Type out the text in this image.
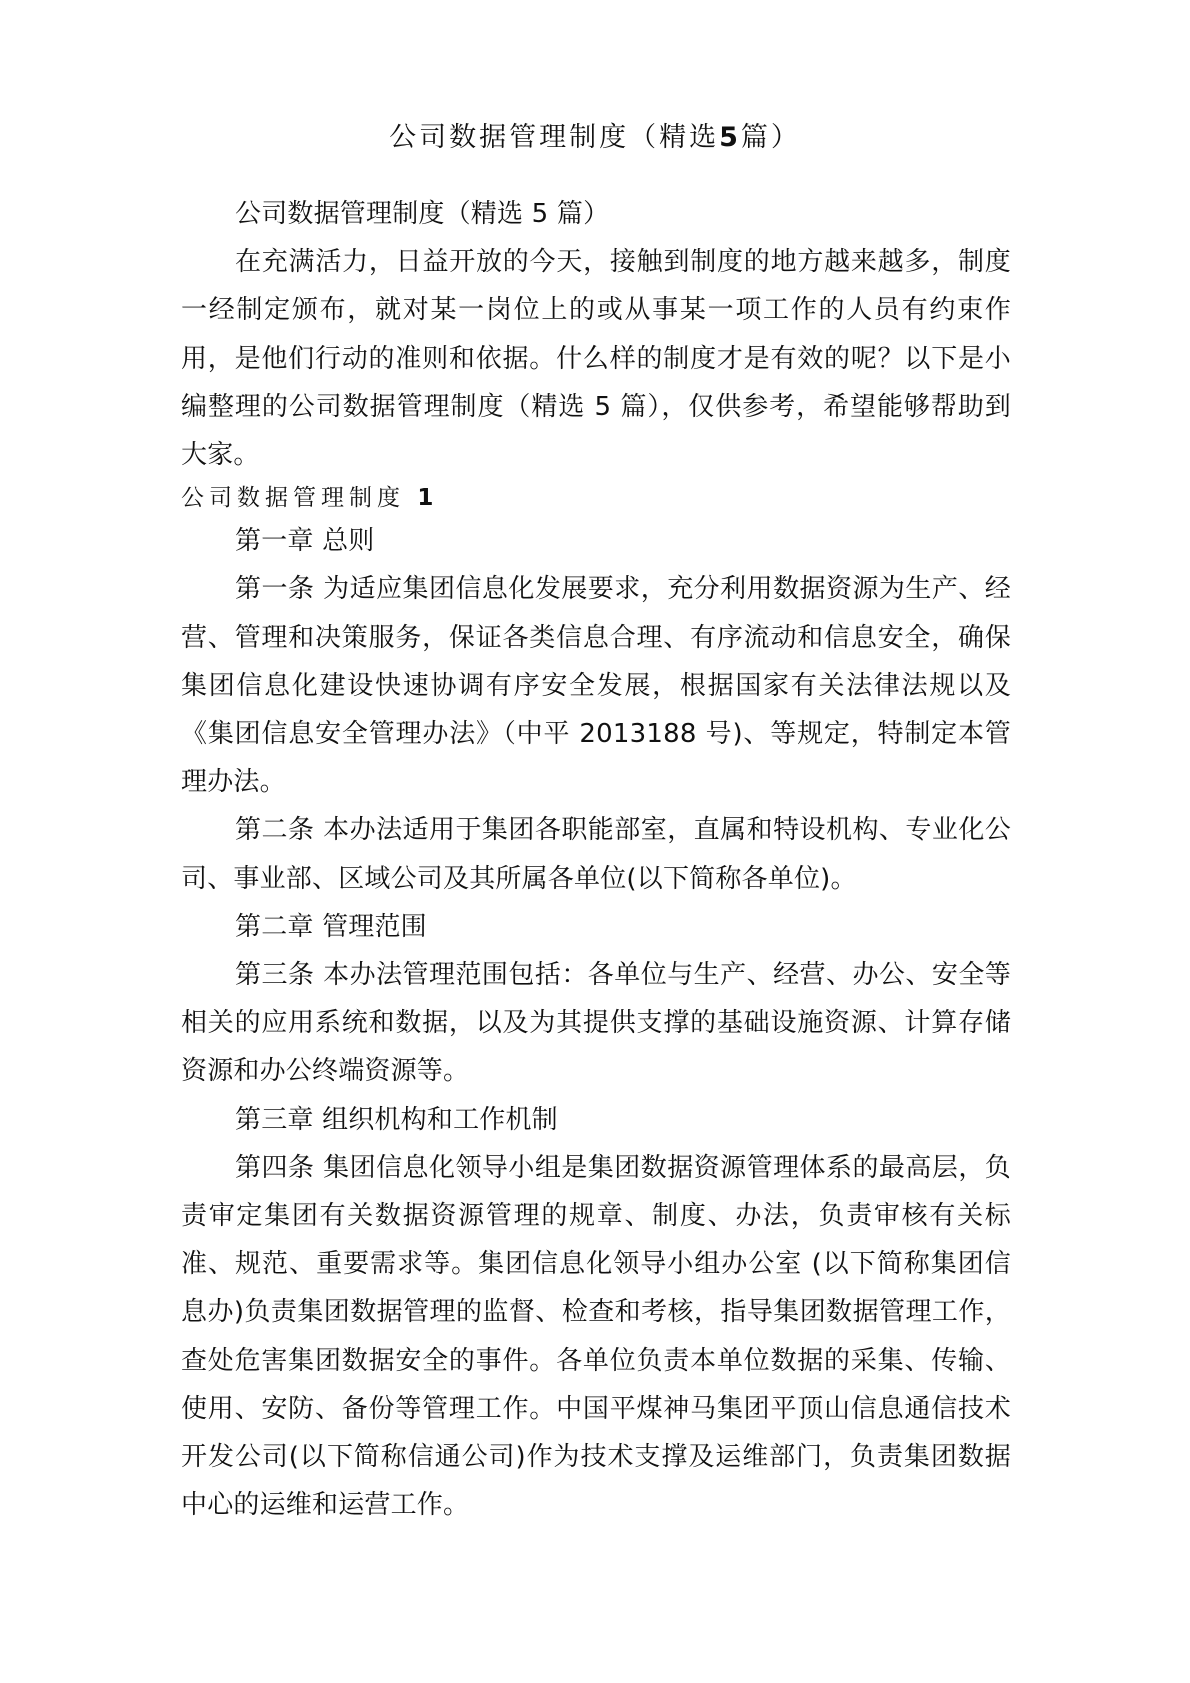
公司数据管理制度（精选5篇）

公司数据管理制度（精选 5 篇）

在充满活力，日益开放的今天，接触到制度的地方越来越多，制度一经制定颁布，就对某一岗位上的或从事某一项工作的人员有约束作用，是他们行动的准则和依据。什么样的制度才是有效的呢？以下是小编整理的公司数据管理制度（精选 5 篇），仅供参考，希望能够帮助到大家。

公司数据管理制度 1

第一章 总则

第一条 为适应集团信息化发展要求，充分利用数据资源为生产、经营、管理和决策服务，保证各类信息合理、有序流动和信息安全，确保集团信息化建设快速协调有序安全发展，根据国家有关法律法规以及《集团信息安全管理办法》（中平 2013188 号)、等规定，特制定本管理办法。

第二条 本办法适用于集团各职能部室，直属和特设机构、专业化公司、事业部、区域公司及其所属各单位(以下简称各单位)。

第二章 管理范围

第三条 本办法管理范围包括：各单位与生产、经营、办公、安全等相关的应用系统和数据，以及为其提供支撑的基础设施资源、计算存储资源和办公终端资源等。

第三章 组织机构和工作机制

第四条 集团信息化领导小组是集团数据资源管理体系的最高层，负责审定集团有关数据资源管理的规章、制度、办法，负责审核有关标准、规范、重要需求等。集团信息化领导小组办公室 (以下简称集团信息办)负责集团数据管理的监督、检查和考核，指导集团数据管理工作，查处危害集团数据安全的事件。各单位负责本单位数据的采集、传输、使用、安防、备份等管理工作。中国平煤神马集团平顶山信息通信技术开发公司(以下简称信通公司)作为技术支撑及运维部门，负责集团数据中心的运维和运营工作。
